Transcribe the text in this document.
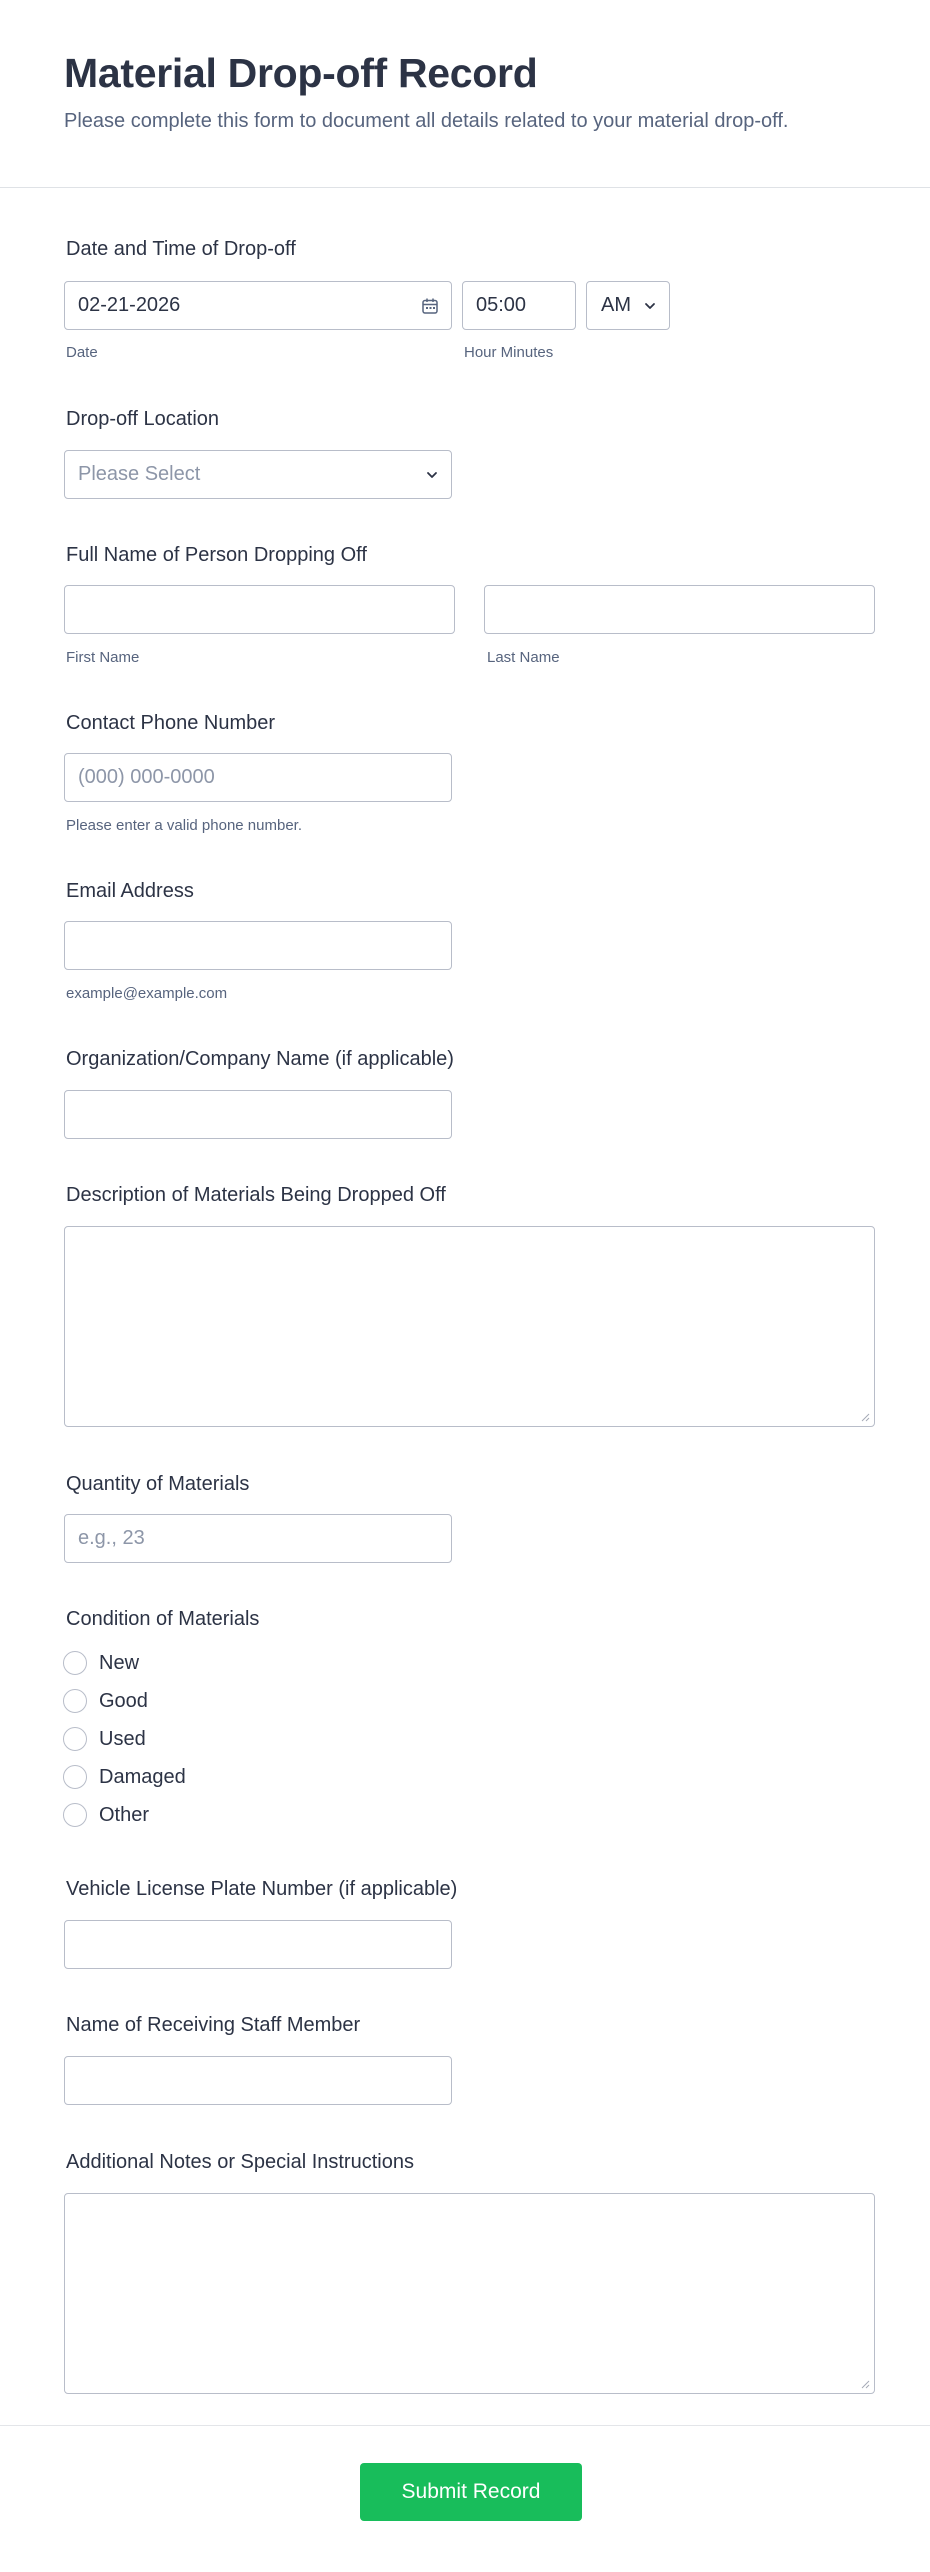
Material Drop-off Record
Please complete this form to document all details related to your material drop-off.
Date and Time of Drop-off
02-21-2026
Date
05:00	AM
Hour Minutes
Drop-off Location
Please Select
Full Name of Person Dropping Off
First Name	Last Name
Contact Phone Number
(000) 000-0000
Please enter a valid phone number.
Email Address
example@example.com
Organization/Company Name (if applicable)
Description of Materials Being Dropped Off
Quantity of Materials
e.g., 23
Condition of Materials
New
Good
Used
Damaged
Other
Vehicle License Plate Number (if applicable)
Name of Receiving Staff Member
Additional Notes or Special Instructions
Submit Record
